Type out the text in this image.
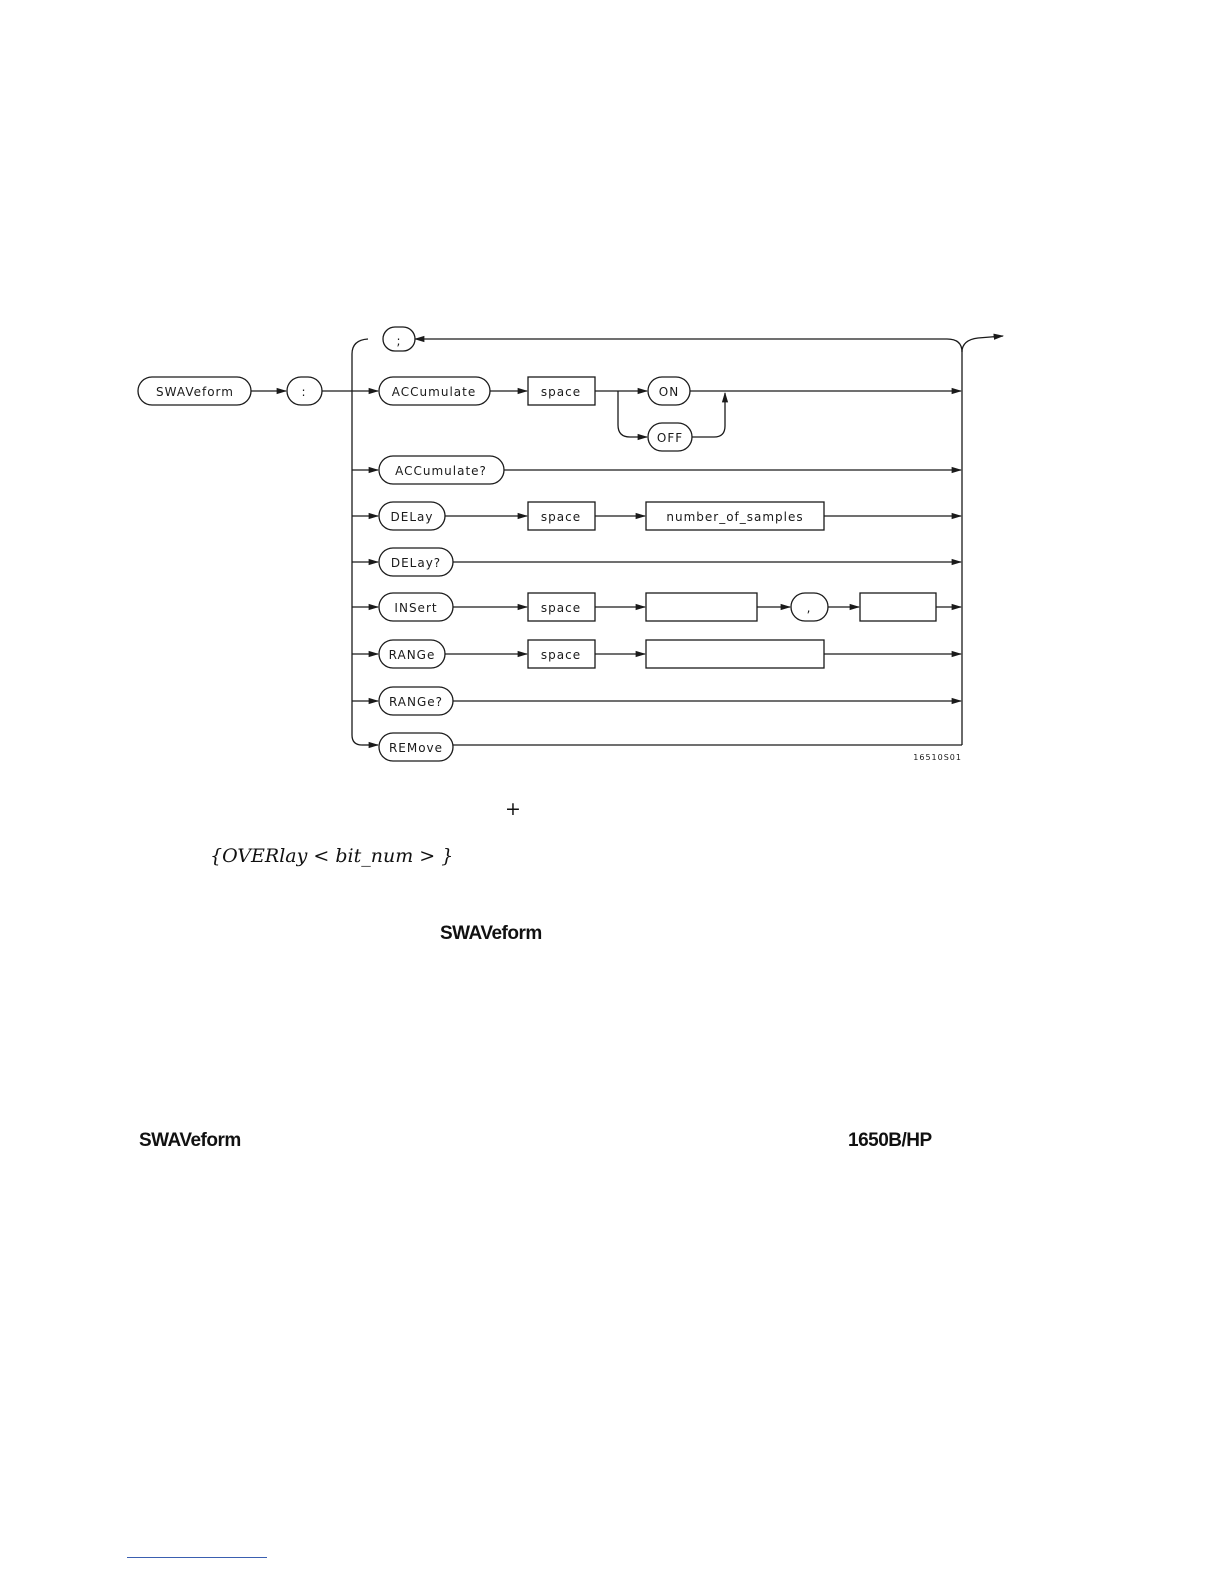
;
SWAVeform	:	ACCumulate	space	ON
OFF
ACCumulate?
DELay	space	number_of_samples
DELay?
INSert	space	,
RANGe	space
RANGe?
REMove
16510S01
+
{OVERlay < bit_num > }
SWAVeform
SWAVeform	1650B/HP
